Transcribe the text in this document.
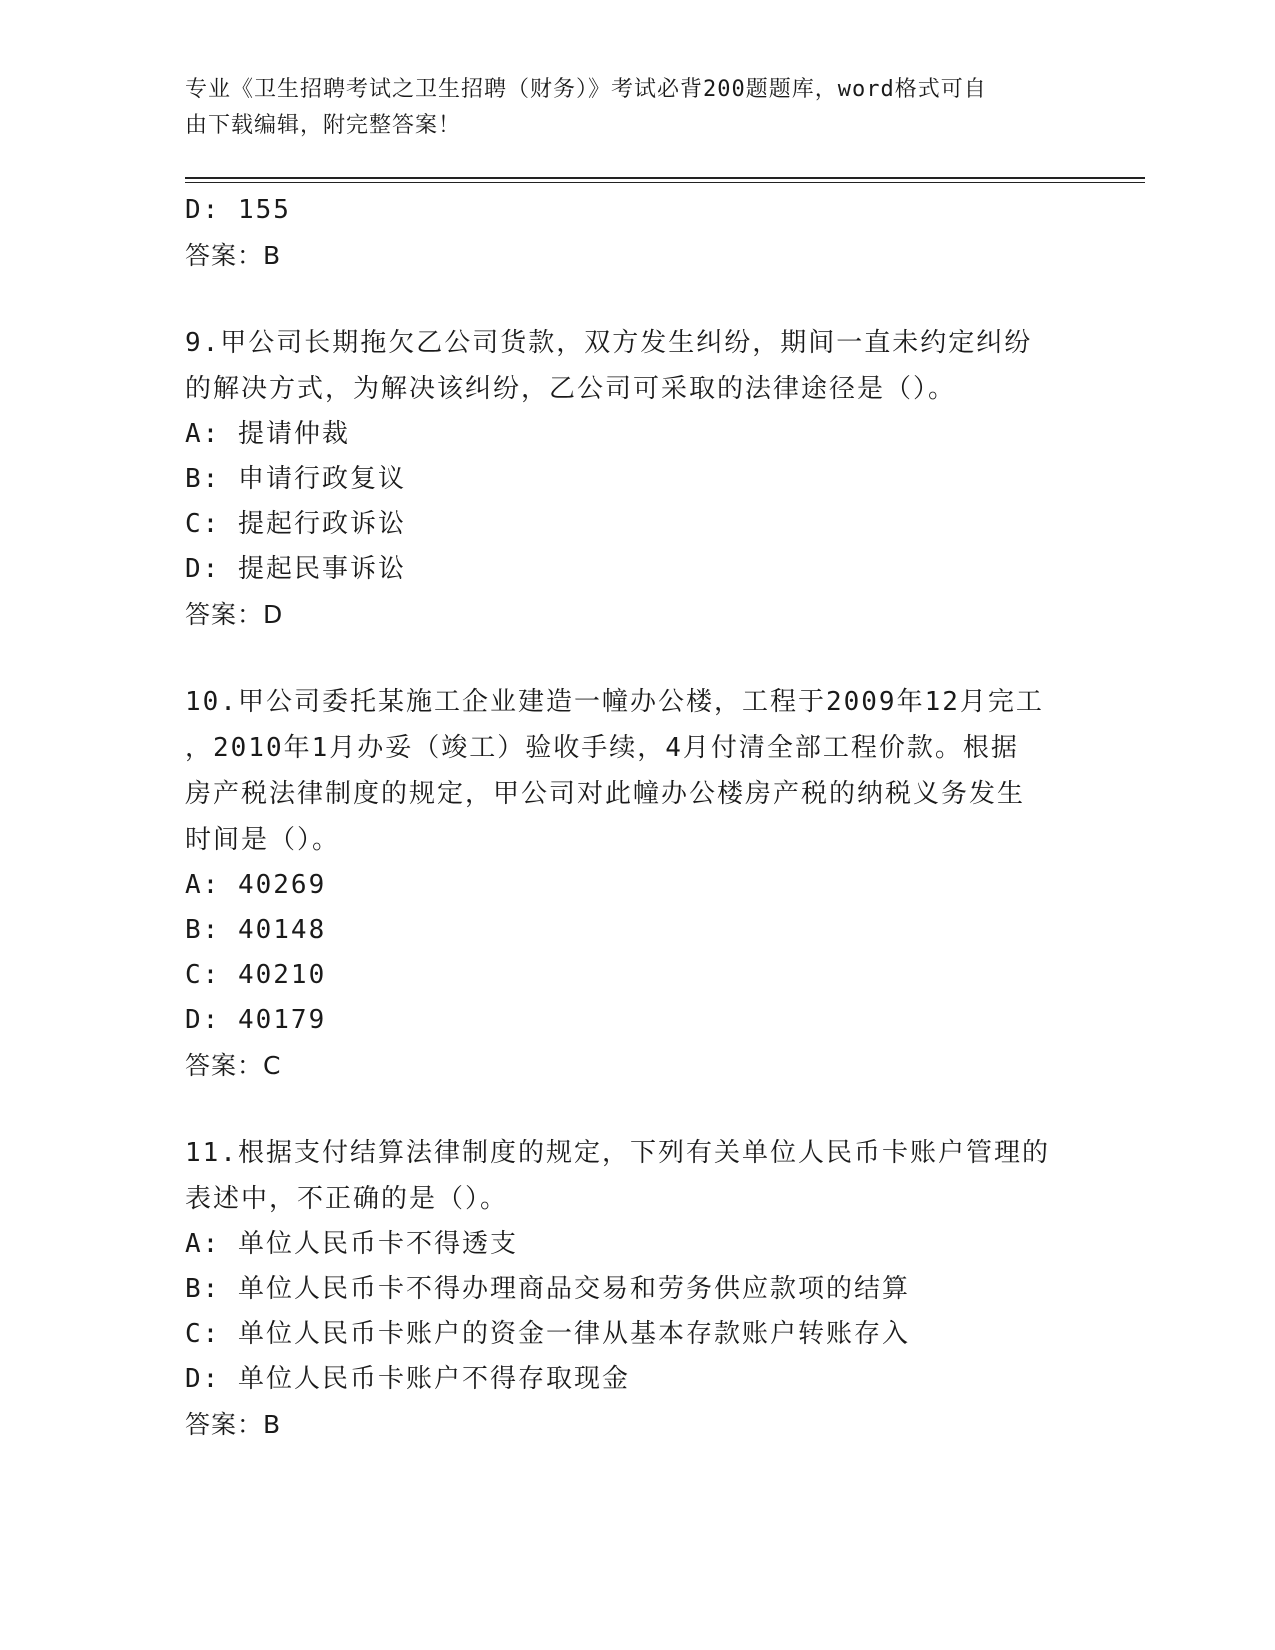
专业《卫生招聘考试之卫生招聘（财务）》考试必背200题题库，word格式可自
由下载编辑，附完整答案！
D: 155
答案：B
9.甲公司长期拖欠乙公司货款，双方发生纠纷，期间一直未约定纠纷
的解决方式，为解决该纠纷，乙公司可采取的法律途径是（）。
A: 提请仲裁
B: 申请行政复议
C: 提起行政诉讼
D: 提起民事诉讼
答案：D
10.甲公司委托某施工企业建造一幢办公楼，工程于2009年12月完工
，2010年1月办妥（竣工）验收手续，4月付清全部工程价款。根据
房产税法律制度的规定，甲公司对此幢办公楼房产税的纳税义务发生
时间是（）。
A: 40269
B: 40148
C: 40210
D: 40179
答案：C
11.根据支付结算法律制度的规定，下列有关单位人民币卡账户管理的
表述中，不正确的是（）。
A: 单位人民币卡不得透支
B: 单位人民币卡不得办理商品交易和劳务供应款项的结算
C: 单位人民币卡账户的资金一律从基本存款账户转账存入
D: 单位人民币卡账户不得存取现金
答案：B
